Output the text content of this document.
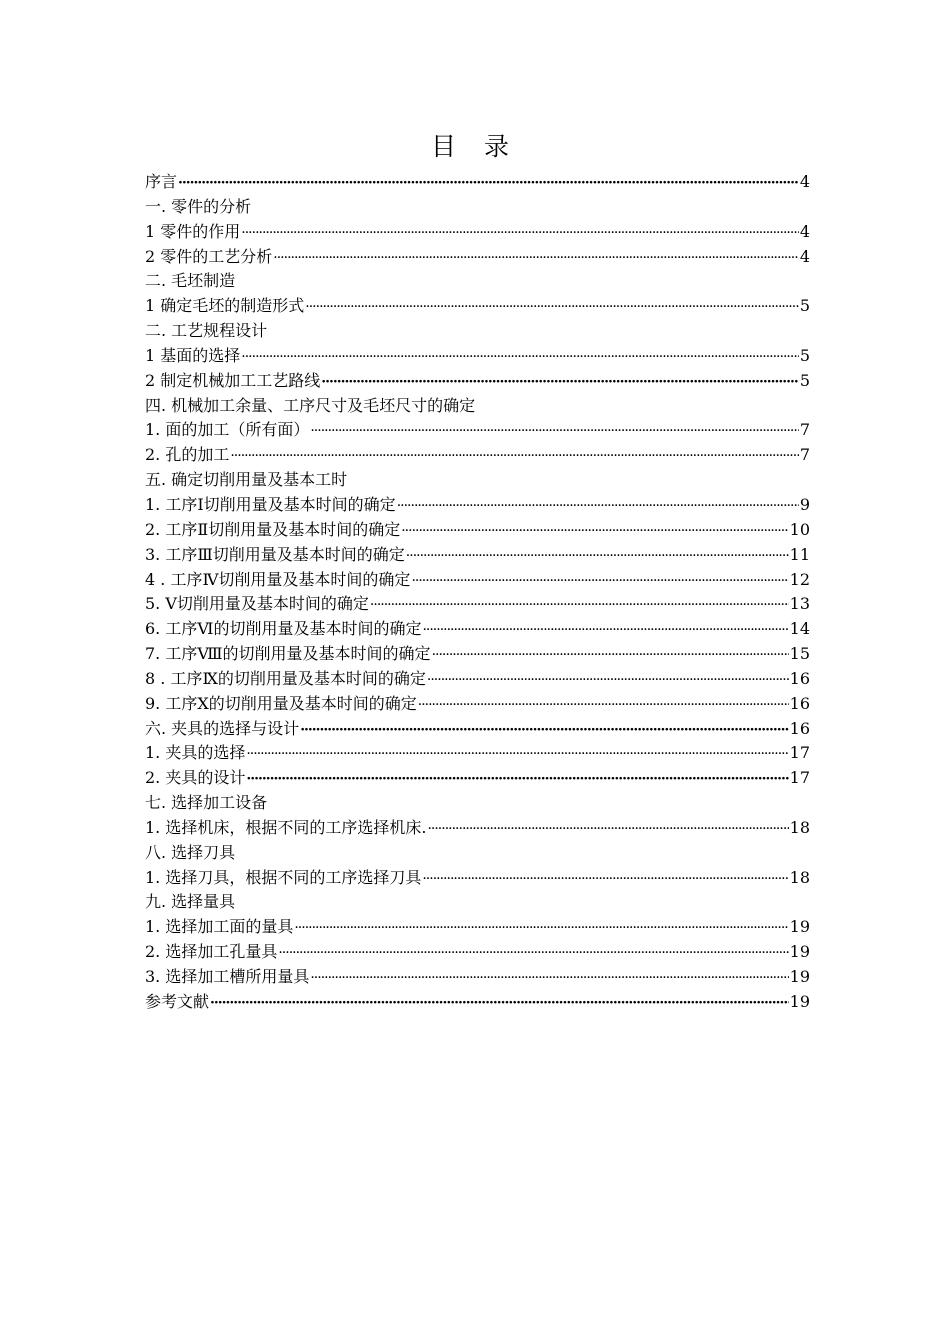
目 录
序言 ·····	4
一. 零件的分析
1 零件的作用 ·····	4
2 零件的工艺分析 ·····	4
二. 毛坯制造
1 确定毛坯的制造形式 ·····	5
二. 工艺规程设计
1 基面的选择 ·····	5
2 制定机械加工工艺路线 ·····	5
四. 机械加工余量、工序尺寸及毛坯尺寸的确定
1. 面的加工（所有面） ·····	7
2. 孔的加工 ·····	7
五. 确定切削用量及基本工时
1. 工序Ⅰ切削用量及基本时间的确定 ·····	9
2. 工序Ⅱ切削用量及基本时间的确定 ·····	10
3. 工序Ⅲ切削用量及基本时间的确定 ·····	11
4 . 工序Ⅳ切削用量及基本时间的确定 ·····	12
5. Ⅴ切削用量及基本时间的确定 ·····	13
6. 工序Ⅵ的切削用量及基本时间的确定 ·····	14
7. 工序Ⅷ的切削用量及基本时间的确定 ·····	15
8 . 工序Ⅸ的切削用量及基本时间的确定 ·····	16
9. 工序Ⅹ的切削用量及基本时间的确定 ·····	16
六. 夹具的选择与设计 ·····	16
1. 夹具的选择 ·····	17
2. 夹具的设计 ·····	17
七. 选择加工设备
1. 选择机床，根据不同的工序选择机床. ·····	18
八. 选择刀具
1. 选择刀具，根据不同的工序选择刀具 ·····	18
九. 选择量具
1. 选择加工面的量具 ·····	19
2. 选择加工孔量具 ·····	19
3. 选择加工槽所用量具 ·····	19
参考文献 ·····	19
